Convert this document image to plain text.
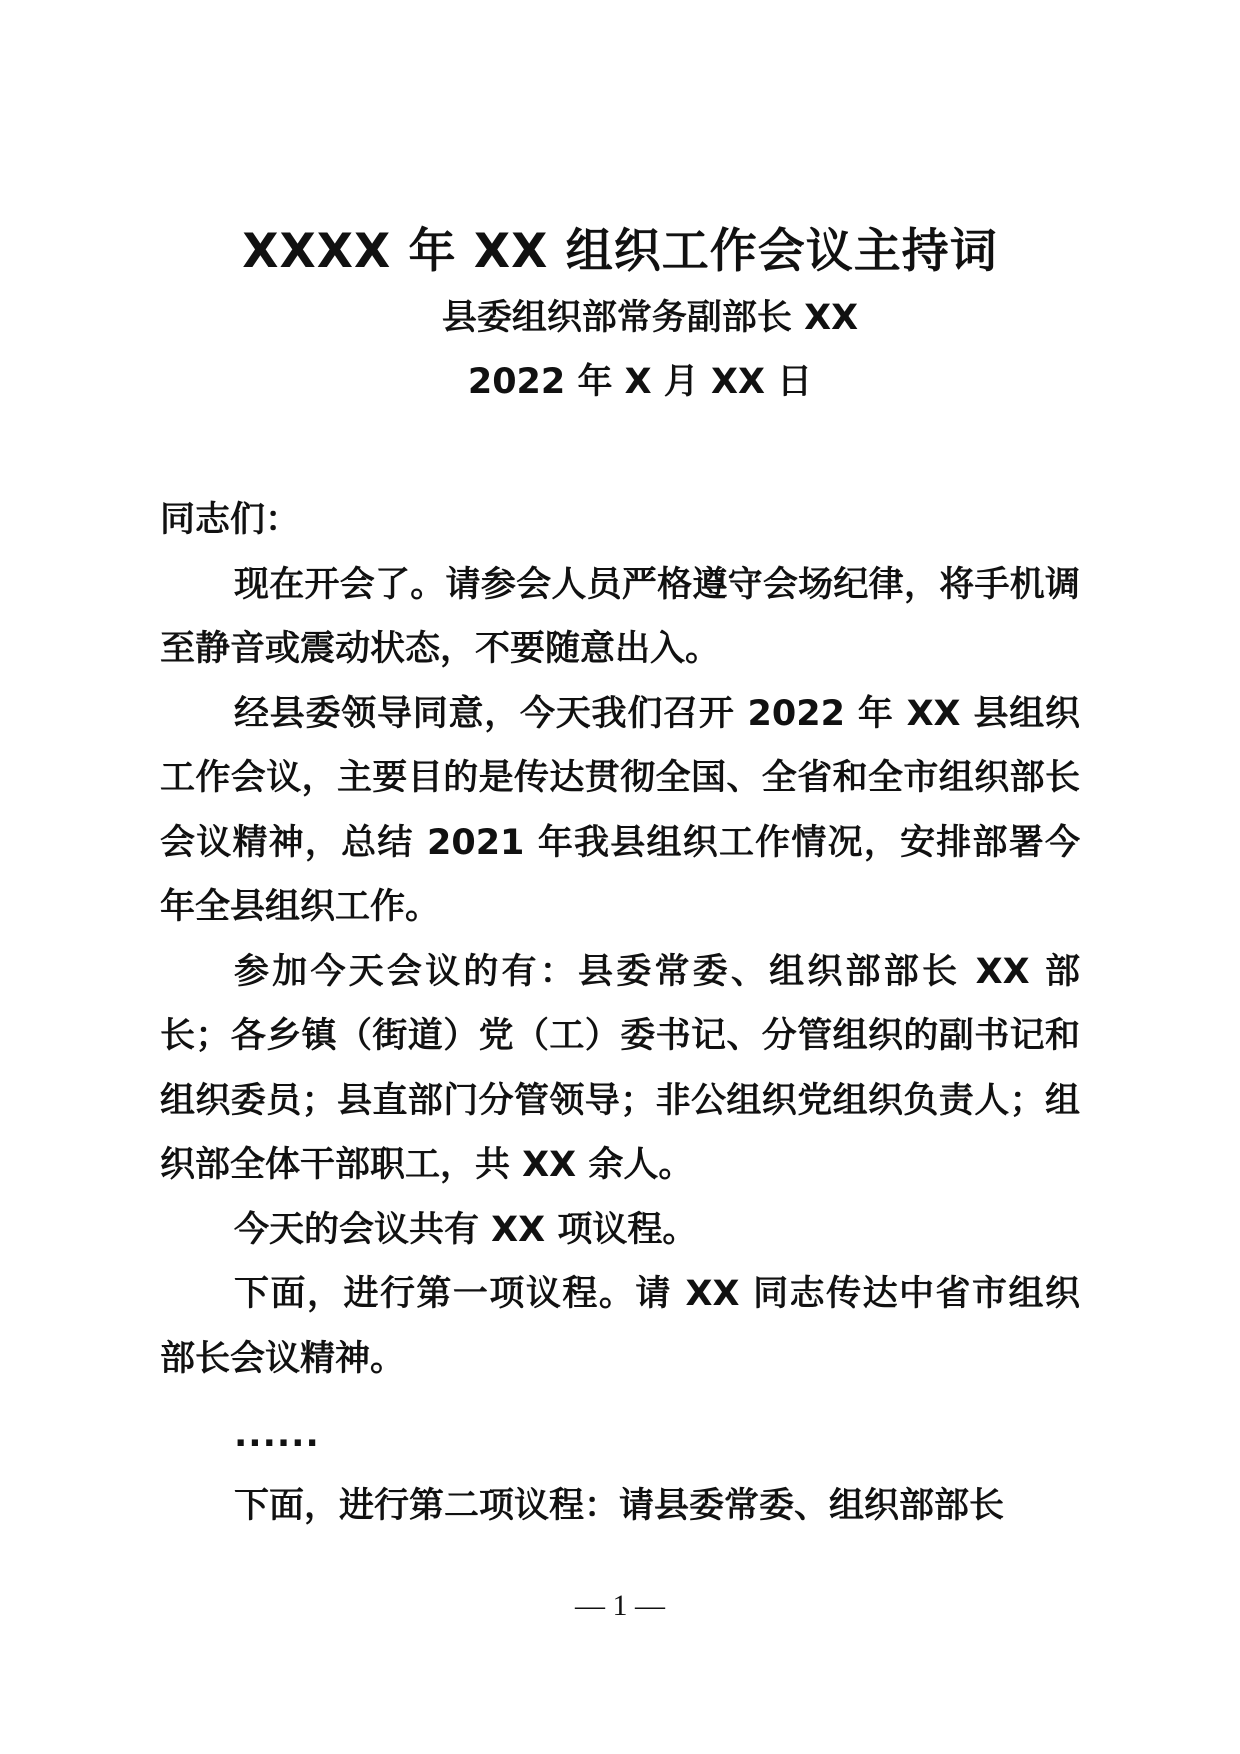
XXXX 年 XX 组织工作会议主持词
县委组织部常务副部长 XX
2022 年 X 月 XX 日

同志们：

现在开会了。请参会人员严格遵守会场纪律，将手机调至静音或震动状态，不要随意出入。

经县委领导同意，今天我们召开 2022 年 XX 县组织工作会议，主要目的是传达贯彻全国、全省和全市组织部长会议精神，总结 2021 年我县组织工作情况，安排部署今年全县组织工作。

参加今天会议的有：县委常委、组织部部长 XX 部长；各乡镇（街道）党（工）委书记、分管组织的副书记和组织委员；县直部门分管领导；非公组织党组织负责人；组织部全体干部职工，共 XX 余人。

今天的会议共有 XX 项议程。

下面，进行第一项议程。请 XX 同志传达中省市组织部长会议精神。

......

下面，进行第二项议程：请县委常委、组织部部长

— 1 —
